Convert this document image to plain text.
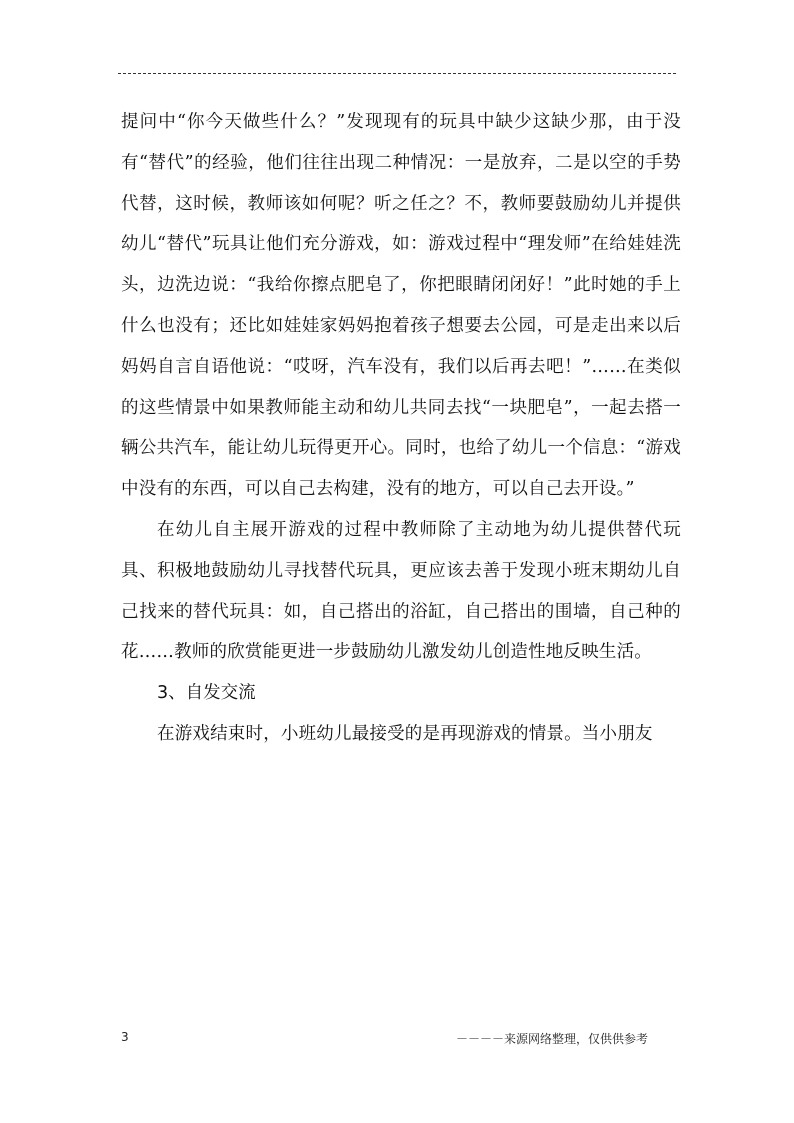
提问中“你今天做些什么？”发现现有的玩具中缺少这缺少那，由于没有“替代”的经验，他们往往出现二种情况：一是放弃，二是以空的手势代替，这时候，教师该如何呢？听之任之？不，教师要鼓励幼儿并提供幼儿“替代”玩具让他们充分游戏，如：游戏过程中“理发师”在给娃娃洗头，边洗边说：“我给你擦点肥皂了，你把眼睛闭闭好！”此时她的手上什么也没有；还比如娃娃家妈妈抱着孩子想要去公园，可是走出来以后妈妈自言自语他说：“哎呀，汽车没有，我们以后再去吧！”……在类似的这些情景中如果教师能主动和幼儿共同去找“一块肥皂”，一起去搭一辆公共汽车，能让幼儿玩得更开心。同时，也给了幼儿一个信息：“游戏中没有的东西，可以自己去构建，没有的地方，可以自己去开设。”

在幼儿自主展开游戏的过程中教师除了主动地为幼儿提供替代玩具、积极地鼓励幼儿寻找替代玩具，更应该去善于发现小班末期幼儿自己找来的替代玩具：如，自己搭出的浴缸，自己搭出的围墙，自己种的花……教师的欣赏能更进一步鼓励幼儿激发幼儿创造性地反映生活。

3、自发交流

在游戏结束时，小班幼儿最接受的是再现游戏的情景。当小朋友

3	－－－－来源网络整理，仅供供参考
